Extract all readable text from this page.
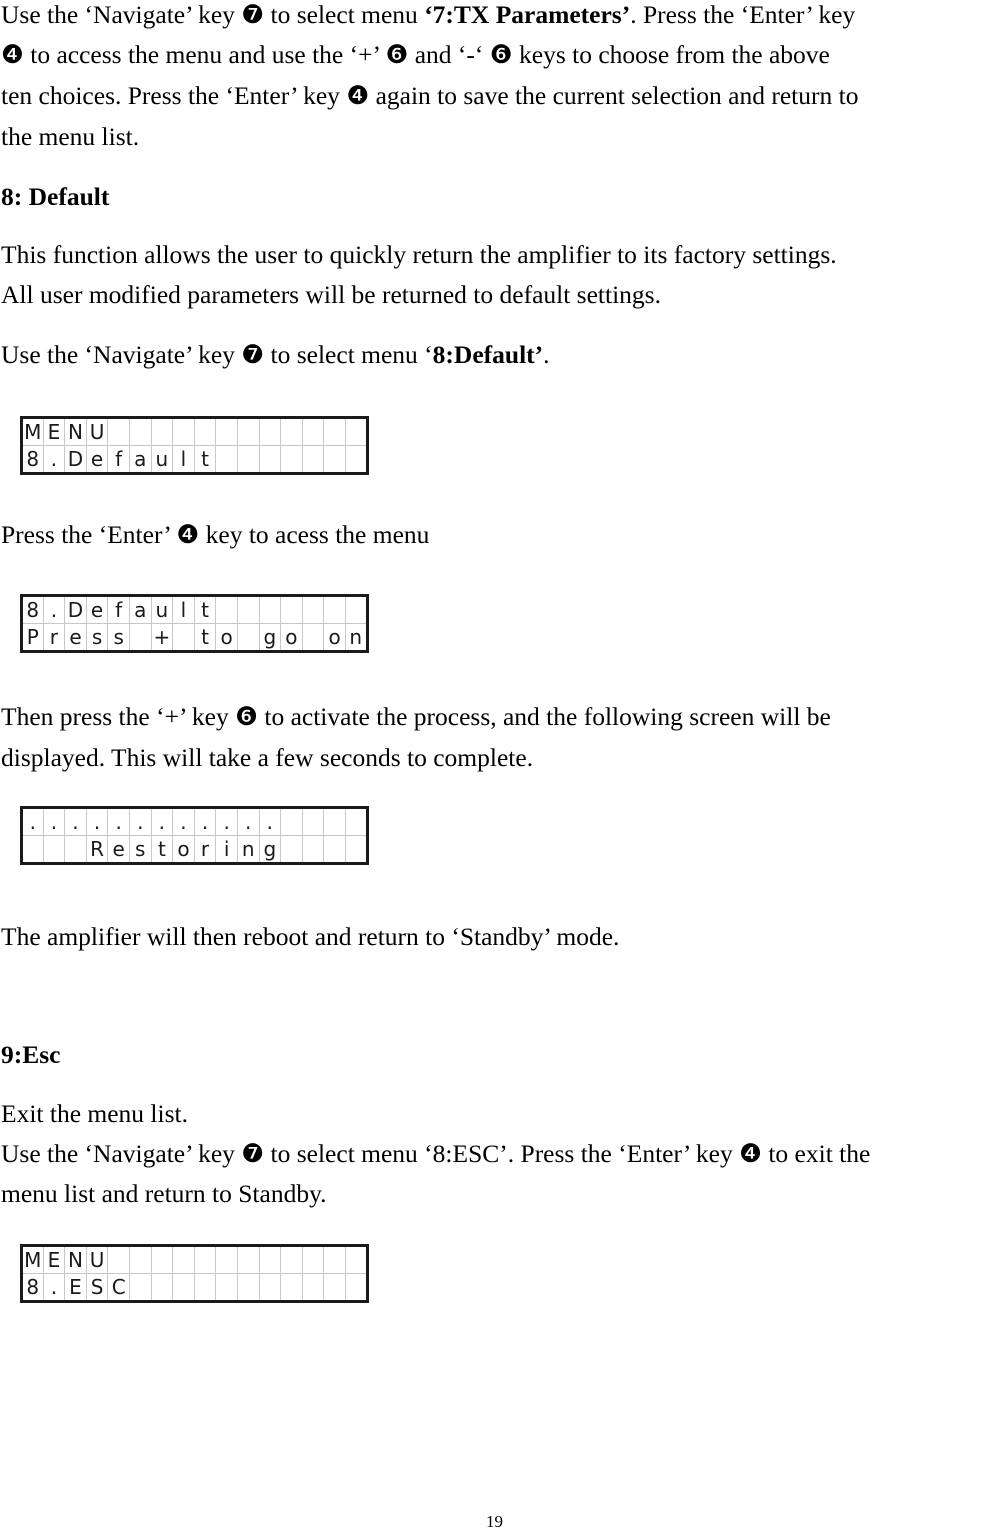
Use the ‘Navigate’ key ❼ to select menu ‘7:TX Parameters’. Press the ‘Enter’ key

❹ to access the menu and use the ‘+’ ❻ and ‘-‘ ❻ keys to choose from the above

ten choices. Press the ‘Enter’ key ❹ again to save the current selection and return to

the menu list.

8: Default

This function allows the user to quickly return the amplifier to its factory settings.

All user modified parameters will be returned to default settings.

Use the ‘Navigate’ key ❼ to select menu ‘8:Default’.

M	E	N	U												
8	.	D	e	f	a	u	l	t							

Press the ‘Enter’ ❹ key to acess the menu

8	.	D	e	f	a	u	l	t							
P	r	e	s	s		+		t	o		g	o		o	n

Then press the ‘+’ key ❻ to activate the process, and the following screen will be

displayed. This will take a few seconds to complete.

.	.	.	.	.	.	.	.	.	.	.	.				
			R	e	s	t	o	r	i	n	g				

The amplifier will then reboot and return to ‘Standby’ mode.

9:Esc

Exit the menu list.

Use the ‘Navigate’ key ❼ to select menu ‘8:ESC’. Press the ‘Enter’ key ❹ to exit the

menu list and return to Standby.

M	E	N	U												
8	.	E	S	C											
19
